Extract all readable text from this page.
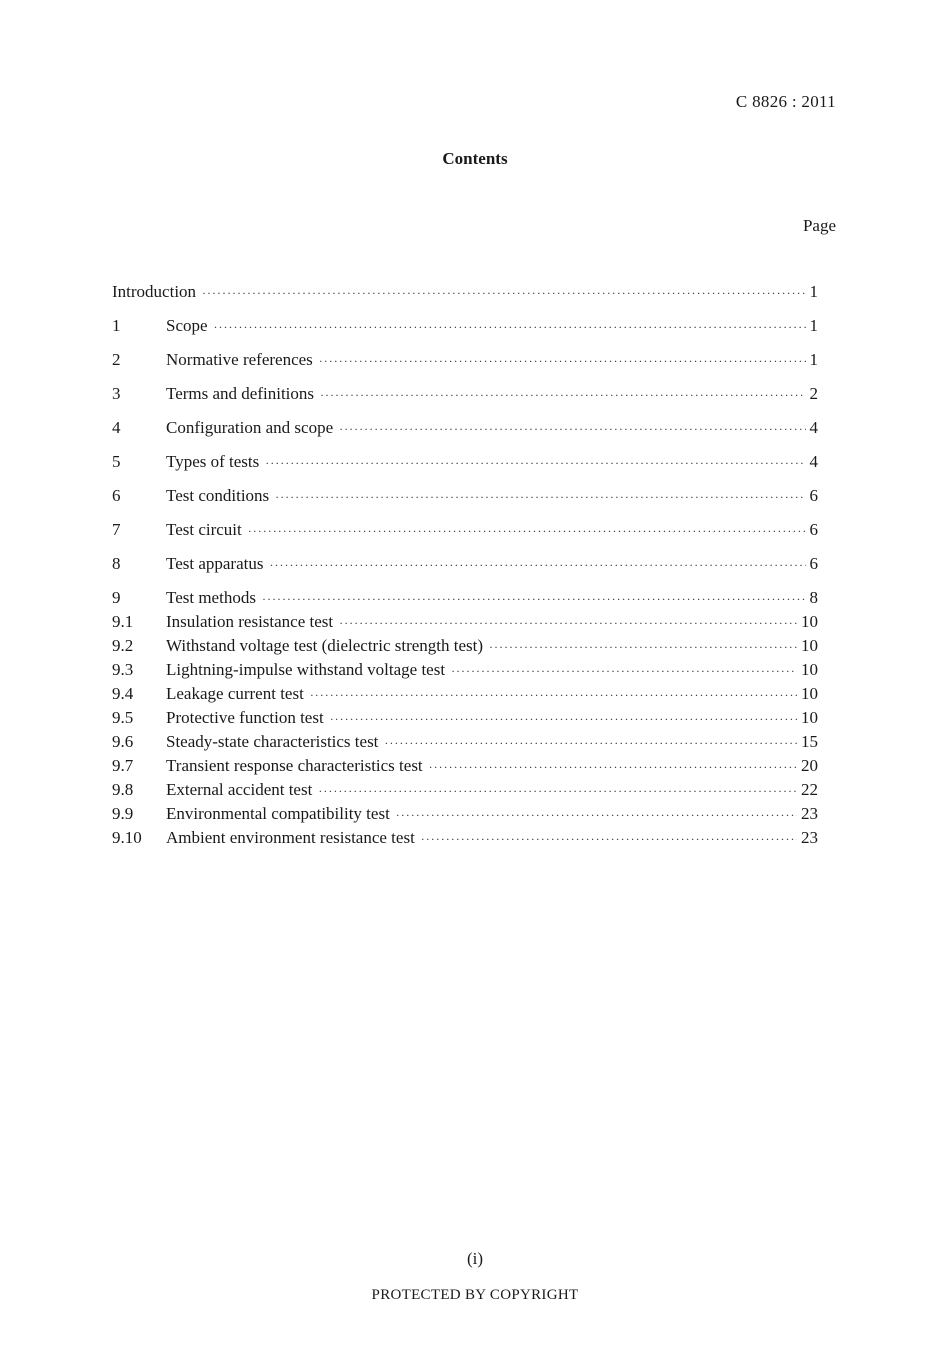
C 8826 : 2011
Contents
Page
Introduction ·····	1
1	Scope ·····	1
2	Normative references ·····	1
3	Terms and definitions ·····	2
4	Configuration and scope ·····	4
5	Types of tests ·····	4
6	Test conditions ·····	6
7	Test circuit ·····	6
8	Test apparatus ·····	6
9	Test methods ·····	8
9.1	Insulation resistance test ·····	10
9.2	Withstand voltage test (dielectric strength test) ·····	10
9.3	Lightning-impulse withstand voltage test ·····	10
9.4	Leakage current test ·····	10
9.5	Protective function test ·····	10
9.6	Steady-state characteristics test ·····	15
9.7	Transient response characteristics test ·····	20
9.8	External accident test ·····	22
9.9	Environmental compatibility test ·····	23
9.10	Ambient environment resistance test ·····	23
(i)
PROTECTED BY COPYRIGHT
